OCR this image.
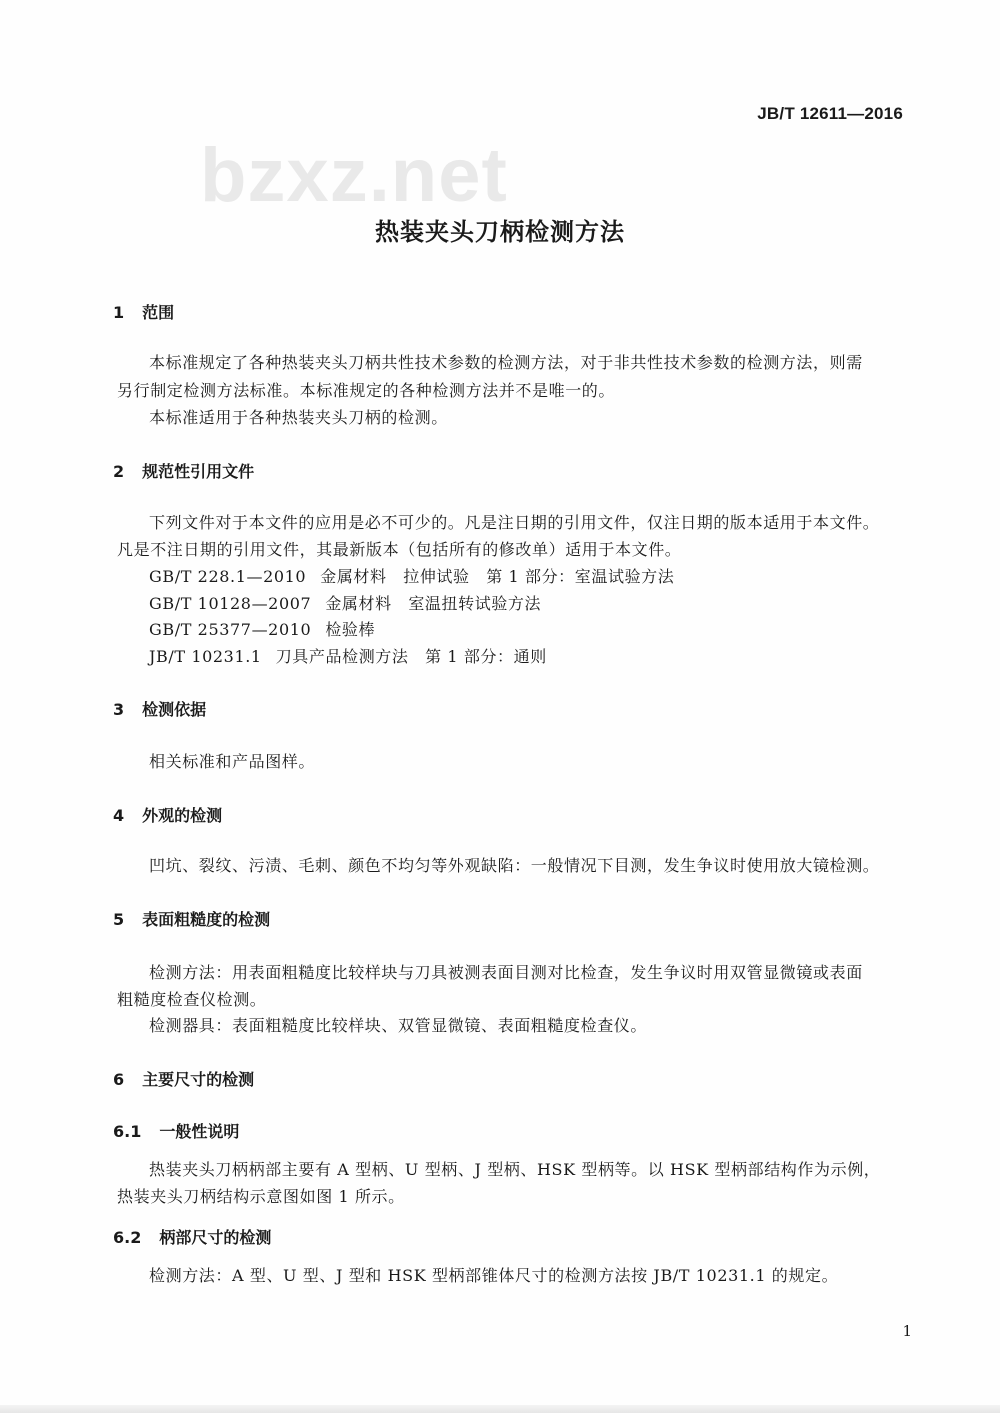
JB/T 12611—2016
bzxz.net
热装夹头刀柄检测方法
1 范围
本标准规定了各种热装夹头刀柄共性技术参数的检测方法，对于非共性技术参数的检测方法，则需
另行制定检测方法标准。本标准规定的各种检测方法并不是唯一的。
本标准适用于各种热装夹头刀柄的检测。
2 规范性引用文件
下列文件对于本文件的应用是必不可少的。凡是注日期的引用文件，仅注日期的版本适用于本文件。
凡是不注日期的引用文件，其最新版本（包括所有的修改单）适用于本文件。
GB/T 228.1—2010 金属材料　拉伸试验　第 1 部分：室温试验方法
GB/T 10128—2007 金属材料　室温扭转试验方法
GB/T 25377—2010 检验棒
JB/T 10231.1 刀具产品检测方法　第 1 部分：通则
3 检测依据
相关标准和产品图样。
4 外观的检测
凹坑、裂纹、污渍、毛刺、颜色不均匀等外观缺陷：一般情况下目测，发生争议时使用放大镜检测。
5 表面粗糙度的检测
检测方法：用表面粗糙度比较样块与刀具被测表面目测对比检查，发生争议时用双管显微镜或表面
粗糙度检查仪检测。
检测器具：表面粗糙度比较样块、双管显微镜、表面粗糙度检查仪。
6 主要尺寸的检测
6.1 一般性说明
热装夹头刀柄柄部主要有 A 型柄、U 型柄、J 型柄、HSK 型柄等。以 HSK 型柄部结构作为示例，
热装夹头刀柄结构示意图如图 1 所示。
6.2 柄部尺寸的检测
检测方法：A 型、U 型、J 型和 HSK 型柄部锥体尺寸的检测方法按 JB/T 10231.1 的规定。
1
